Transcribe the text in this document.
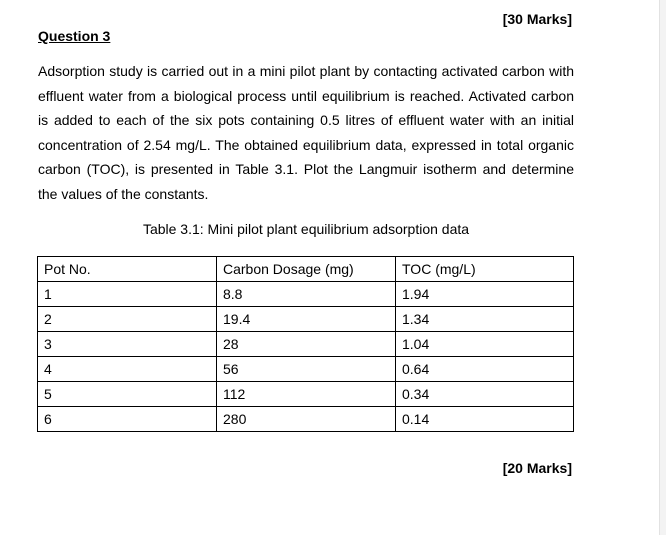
[30 Marks]
Question 3

Adsorption study is carried out in a mini pilot plant by contacting activated carbon with effluent water from a biological process until equilibrium is reached. Activated carbon is added to each of the six pots containing 0.5 litres of effluent water with an initial concentration of 2.54 mg/L. The obtained equilibrium data, expressed in total organic carbon (TOC), is presented in Table 3.1. Plot the Langmuir isotherm and determine the values of the constants.

Table 3.1: Mini pilot plant equilibrium adsorption data
Pot No.	Carbon Dosage (mg)	TOC (mg/L)
1	8.8	1.94
2	19.4	1.34
3	28	1.04
4	56	0.64
5	112	0.34
6	280	0.14
[20 Marks]
